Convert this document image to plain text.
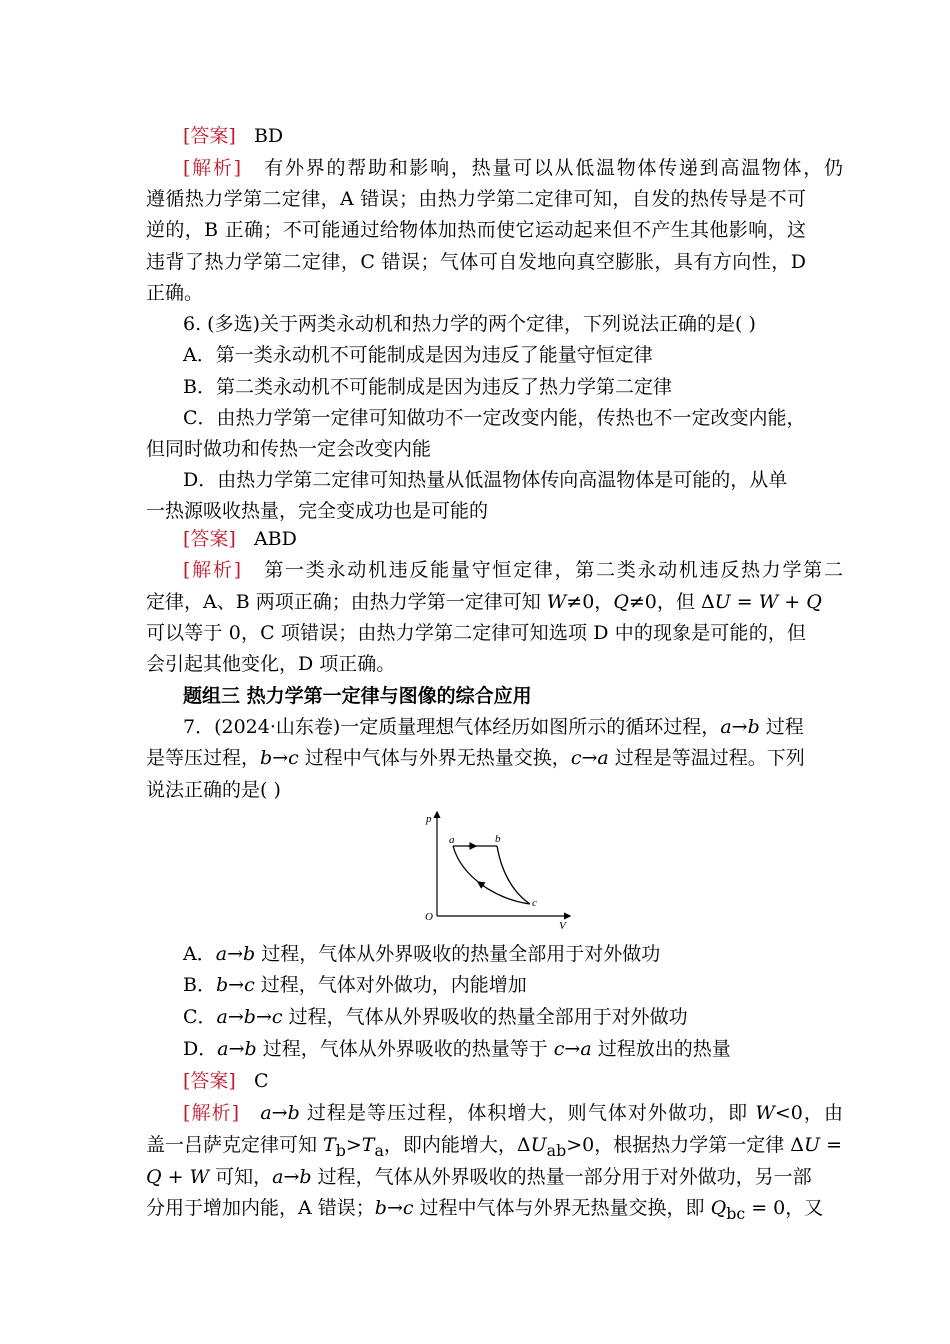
[答案]   BD
[解析]   有外界的帮助和影响，热量可以从低温物体传递到高温物体，仍
遵循热力学第二定律，A 错误；由热力学第二定律可知，自发的热传导是不可
逆的，B 正确；不可能通过给物体加热而使它运动起来但不产生其他影响，这
违背了热力学第二定律，C 错误；气体可自发地向真空膨胀，具有方向性，D
正确。
6. (多选)关于两类永动机和热力学的两个定律，下列说法正确的是( )
A．第一类永动机不可能制成是因为违反了能量守恒定律
B．第二类永动机不可能制成是因为违反了热力学第二定律
C．由热力学第一定律可知做功不一定改变内能，传热也不一定改变内能，
但同时做功和传热一定会改变内能
D．由热力学第二定律可知热量从低温物体传向高温物体是可能的，从单
一热源吸收热量，完全变成功也是可能的
[答案]   ABD
[解析]   第一类永动机违反能量守恒定律，第二类永动机违反热力学第二
定律，A、B 两项正确；由热力学第一定律可知 W≠0，Q≠0，但 ΔU = W + Q
可以等于 0，C 项错误；由热力学第二定律可知选项 D 中的现象是可能的，但
会引起其他变化，D 项正确。
题组三 热力学第一定律与图像的综合应用
7．(2024·山东卷)一定质量理想气体经历如图所示的循环过程，a→b 过程
是等压过程，b→c 过程中气体与外界无热量交换，c→a 过程是等温过程。下列
说法正确的是( )
p
V
O
a	b
c
A．a→b 过程，气体从外界吸收的热量全部用于对外做功
B．b→c 过程，气体对外做功，内能增加
C．a→b→c 过程，气体从外界吸收的热量全部用于对外做功
D．a→b 过程，气体从外界吸收的热量等于 c→a 过程放出的热量
[答案]   C
[解析] a→b 过程是等压过程，体积增大，则气体对外做功，即 W<0，由
盖一吕萨克定律可知 $T_b>T_a$，即内能增大，$\Delta U_{ab}>0$，根据热力学第一定律 ΔU =
Q + W 可知，a→b 过程，气体从外界吸收的热量一部分用于对外做功，另一部
分用于增加内能，A 错误；b→c 过程中气体与外界无热量交换，即 $Q_{bc} = 0$，又
